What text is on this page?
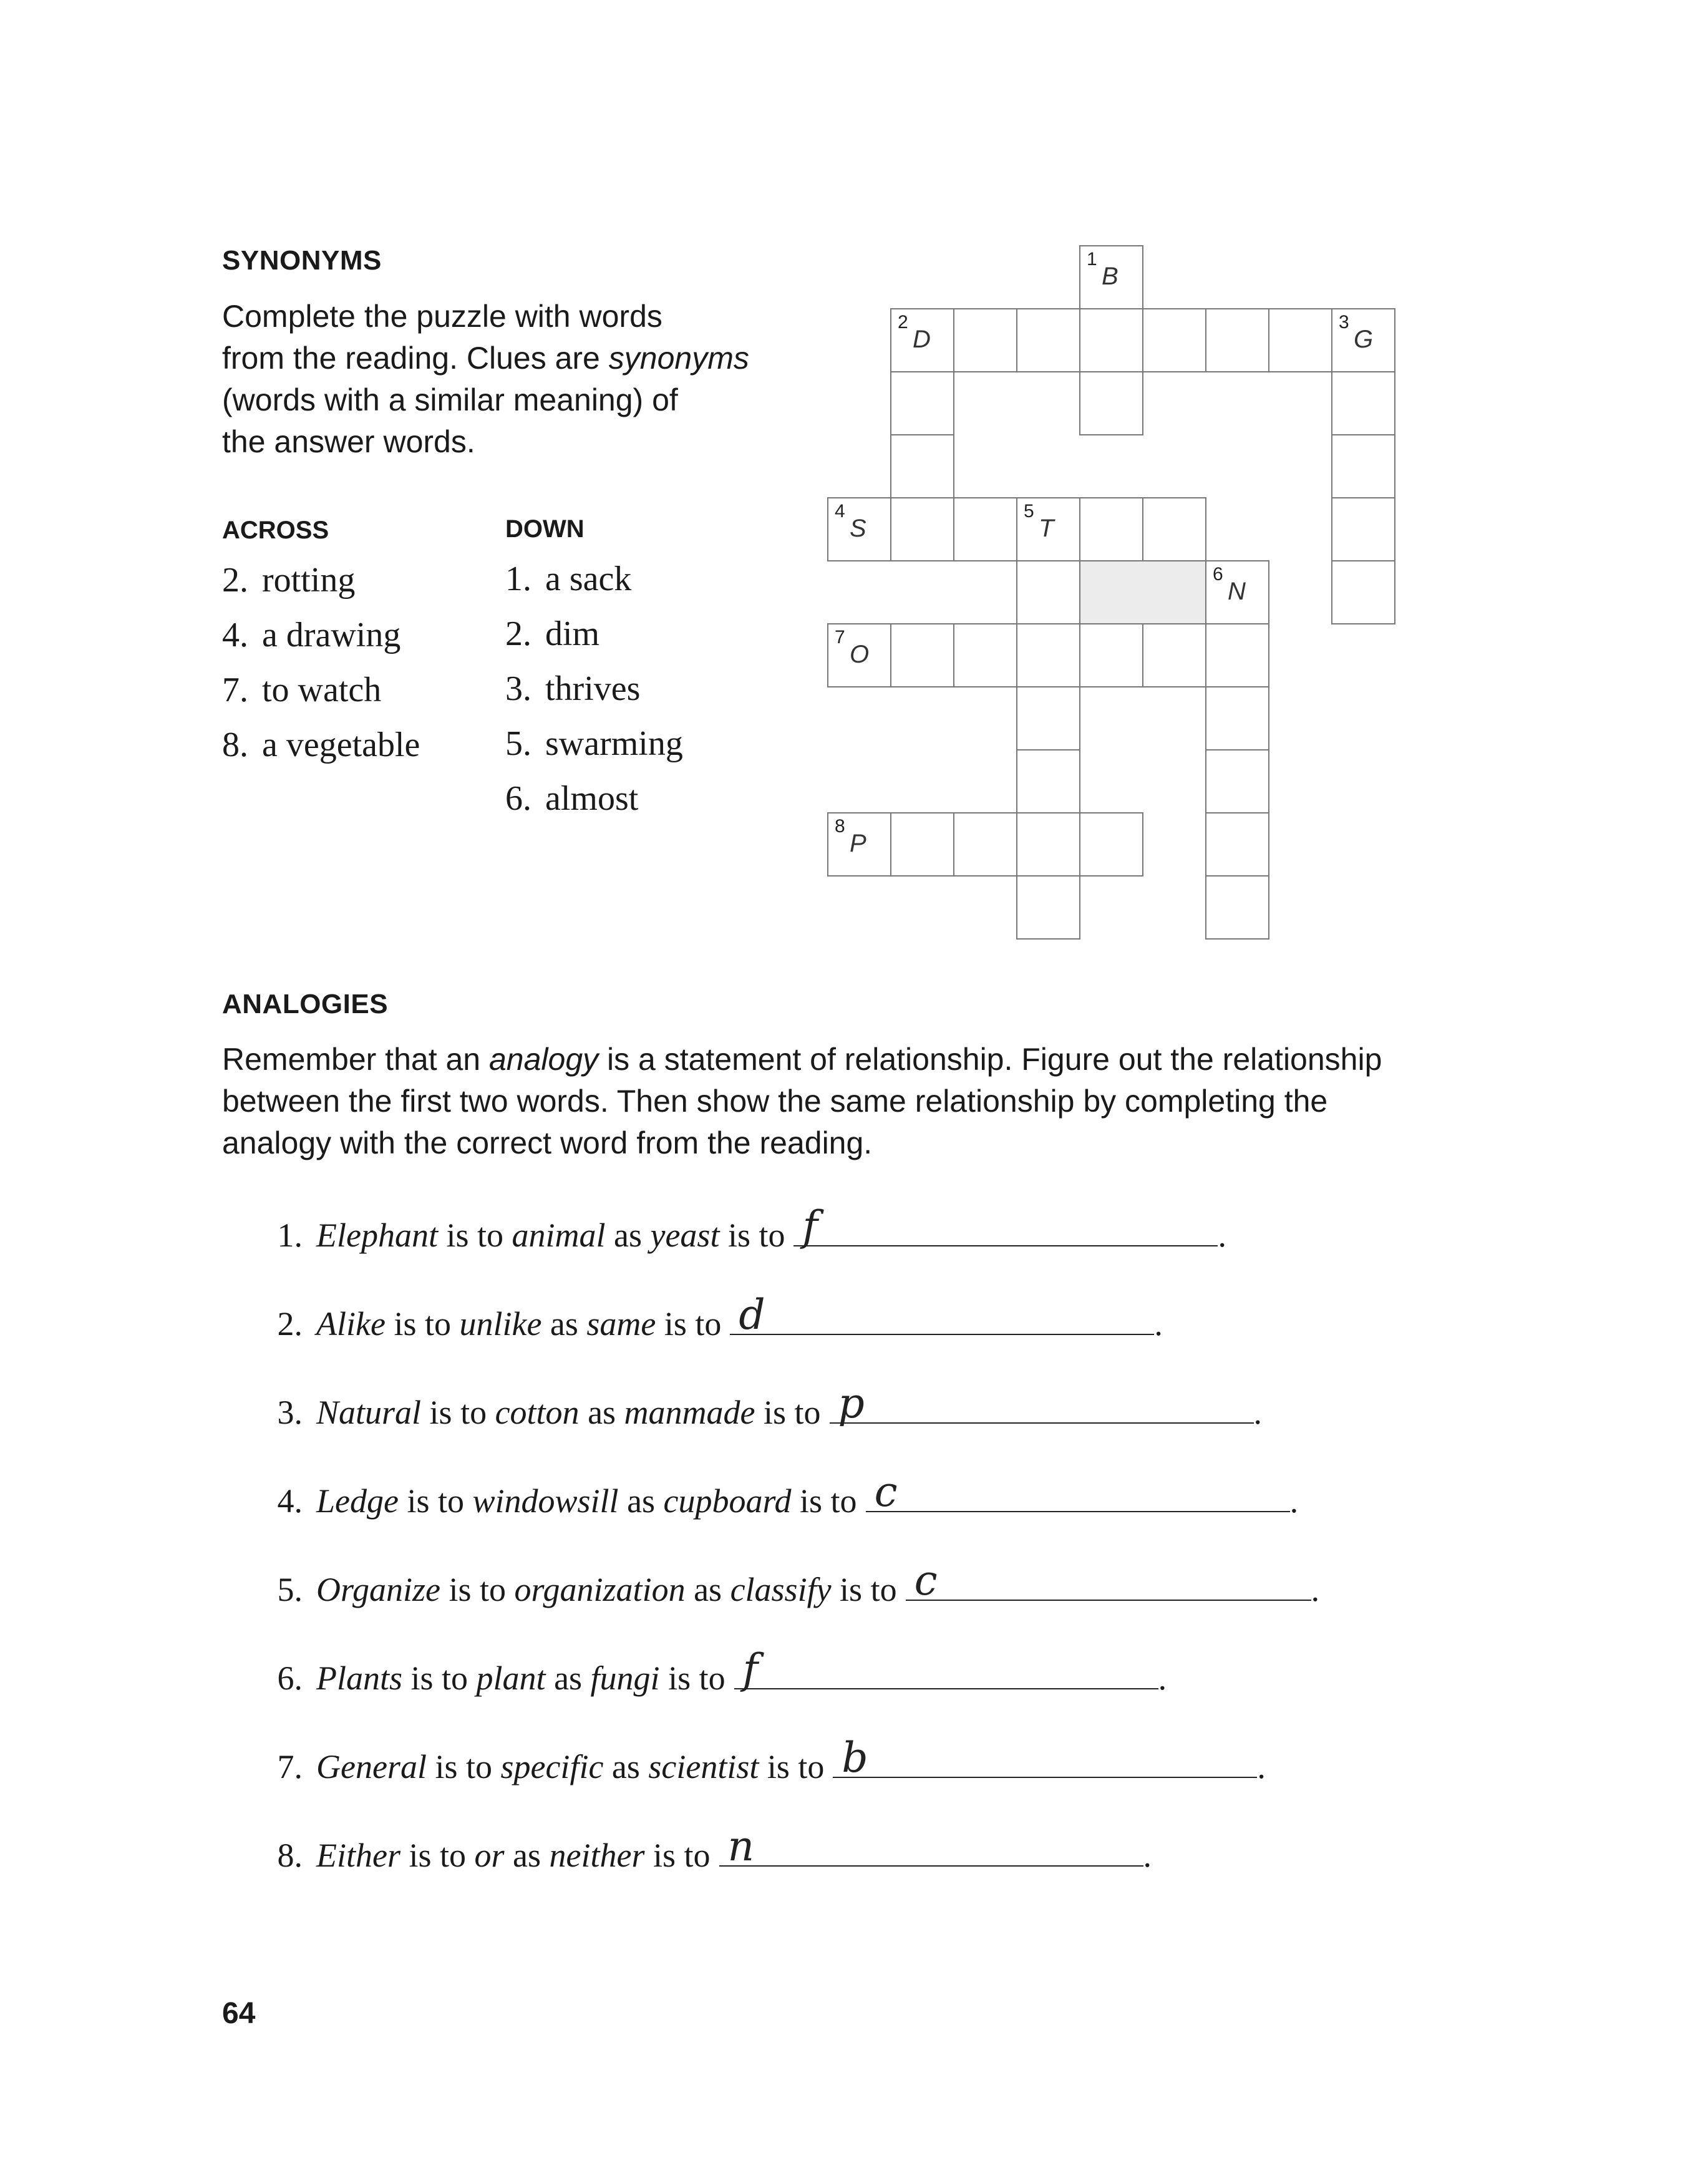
SYNONYMS
Complete the puzzle with words
from the reading. Clues are synonyms
(words with a similar meaning) of
the answer words.
ACROSS	DOWN
2. rotting
4. a drawing
7. to watch
8. a vegetable
1. a sack
2. dim
3. thrives
5. swarming
6. almost
1
B
2
D
3
G
4
S
5
T
6
N
7
O
8
P
ANALOGIES
Remember that an analogy is a statement of relationship. Figure out the relationship
between the first two words. Then show the same relationship by completing the
analogy with the correct word from the reading.
1. Elephant
is to
animal
as
yeast
is to f	.
2. Alike
is to
unlike
as
same
is to d	.
3. Natural
is to
cotton
as
manmade
is to p	.
4. Ledge
is to
windowsill
as
cupboard
is to c	.
5. Organize
is to
organization
as
classify
is to c	.
6. Plants
is to
plant
as
fungi
is to f	.
7. General
is to
specific
as
scientist
is to b	.
8. Either
is to
or
as
neither
is to n	.
64
